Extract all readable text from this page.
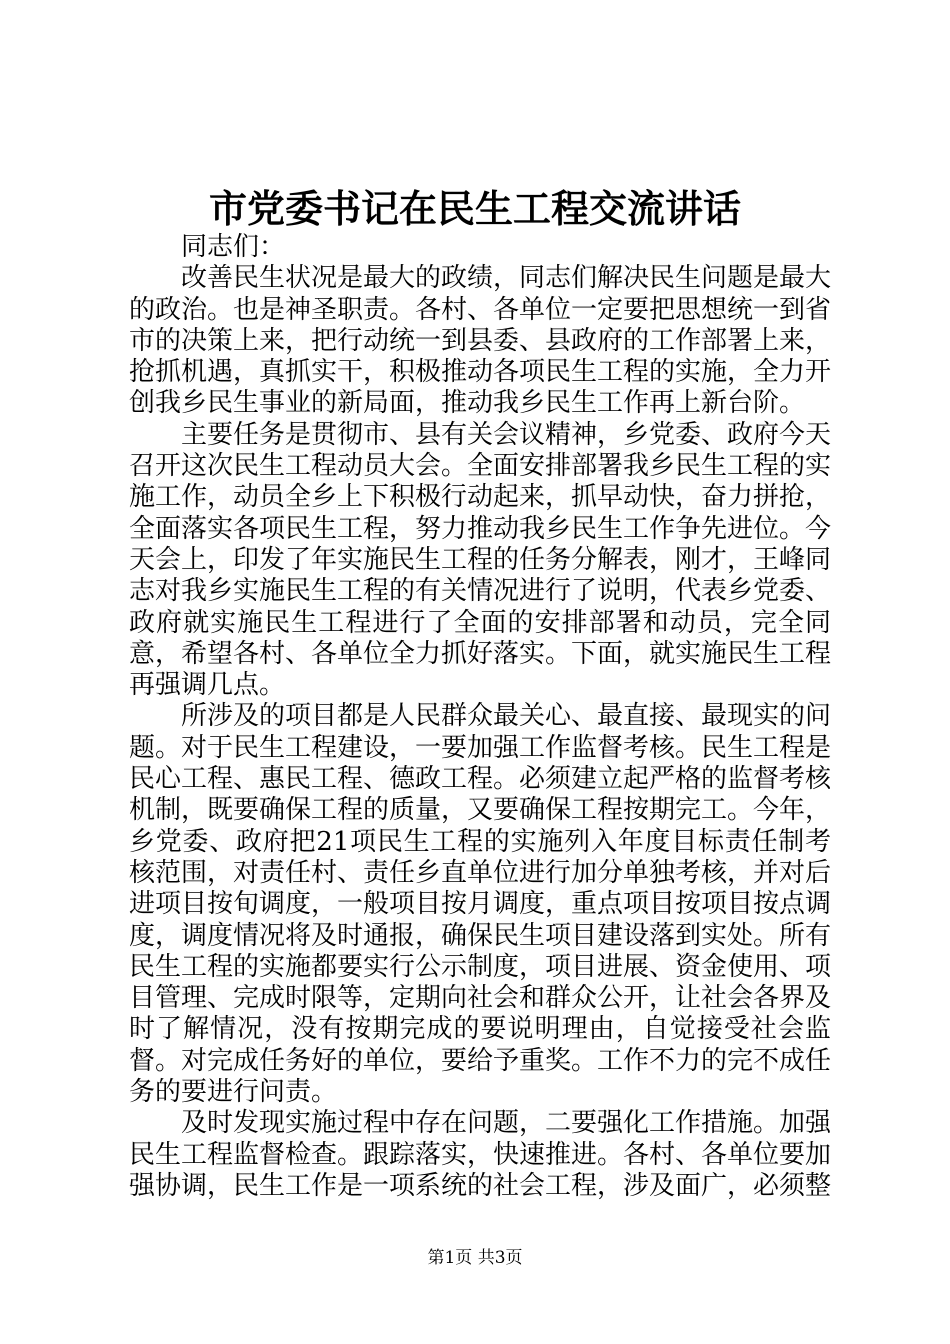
市党委书记在民生工程交流讲话

同志们：

改善民生状况是最大的政绩，同志们解决民生问题是最大的政治。也是神圣职责。各村、各单位一定要把思想统一到省市的决策上来，把行动统一到县委、县政府的工作部署上来，抢抓机遇，真抓实干，积极推动各项民生工程的实施，全力开创我乡民生事业的新局面，推动我乡民生工作再上新台阶。

主要任务是贯彻市、县有关会议精神，乡党委、政府今天召开这次民生工程动员大会。全面安排部署我乡民生工程的实施工作，动员全乡上下积极行动起来，抓早动快，奋力拼抢，全面落实各项民生工程，努力推动我乡民生工作争先进位。今天会上，印发了年实施民生工程的任务分解表，刚才，王峰同志对我乡实施民生工程的有关情况进行了说明，代表乡党委、政府就实施民生工程进行了全面的安排部署和动员，完全同意，希望各村、各单位全力抓好落实。下面，就实施民生工程再强调几点。

所涉及的项目都是人民群众最关心、最直接、最现实的问题。对于民生工程建设，一要加强工作监督考核。民生工程是民心工程、惠民工程、德政工程。必须建立起严格的监督考核机制，既要确保工程的质量，又要确保工程按期完工。今年，乡党委、政府把21项民生工程的实施列入年度目标责任制考核范围，对责任村、责任乡直单位进行加分单独考核，并对后进项目按旬调度，一般项目按月调度，重点项目按项目按点调度，调度情况将及时通报，确保民生项目建设落到实处。所有民生工程的实施都要实行公示制度，项目进展、资金使用、项目管理、完成时限等，定期向社会和群众公开，让社会各界及时了解情况，没有按期完成的要说明理由，自觉接受社会监督。对完成任务好的单位，要给予重奖。工作不力的完不成任务的要进行问责。

及时发现实施过程中存在问题，二要强化工作措施。加强民生工程监督检查。跟踪落实，快速推进。各村、各单位要加强协调，民生工作是一项系统的社会工程，涉及面广，必须整

第1页 共3页
